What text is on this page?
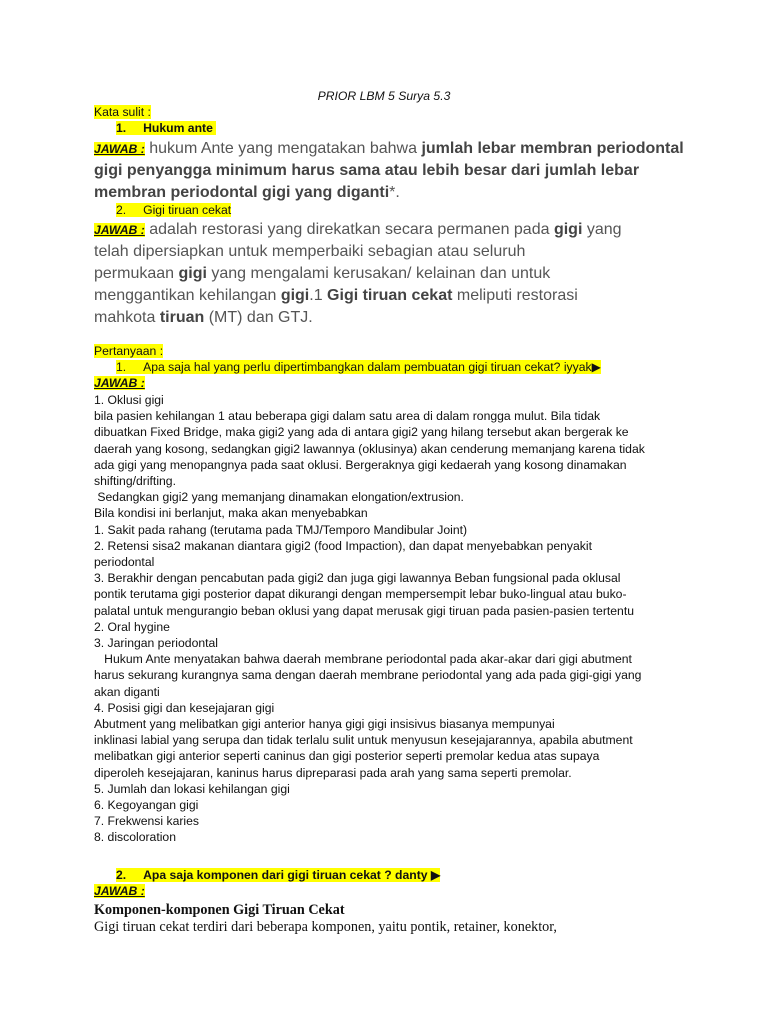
PRIOR LBM 5 Surya 5.3
Kata sulit :
1. Hukum ante
JAWAB : hukum Ante yang mengatakan bahwa jumlah lebar membran periodontal gigi penyangga minimum harus sama atau lebih besar dari jumlah lebar membran periodontal gigi yang diganti*.
2. Gigi tiruan cekat
JAWAB : adalah restorasi yang direkatkan secara permanen pada gigi yang
telah dipersiapkan untuk memperbaiki sebagian atau seluruh
permukaan gigi yang mengalami kerusakan/ kelainan dan untuk
menggantikan kehilangan gigi.1 Gigi tiruan cekat meliputi restorasi
mahkota tiruan (MT) dan GTJ.
Pertanyaan :
1. Apa saja hal yang perlu dipertimbangkan dalam pembuatan gigi tiruan cekat? iyyak▶
JAWAB :
1. Oklusi gigi
bila pasien kehilangan 1 atau beberapa gigi dalam satu area di dalam rongga mulut. Bila tidak
dibuatkan Fixed Bridge, maka gigi2 yang ada di antara gigi2 yang hilang tersebut akan bergerak ke
daerah yang kosong, sedangkan gigi2 lawannya (oklusinya) akan cenderung memanjang karena tidak
ada gigi yang menopangnya pada saat oklusi. Bergeraknya gigi kedaerah yang kosong dinamakan
shifting/drifting.
Sedangkan gigi2 yang memanjang dinamakan elongation/extrusion.
Bila kondisi ini berlanjut, maka akan menyebabkan
1. Sakit pada rahang (terutama pada TMJ/Temporo Mandibular Joint)
2. Retensi sisa2 makanan diantara gigi2 (food Impaction), dan dapat menyebabkan penyakit
periodontal
3. Berakhir dengan pencabutan pada gigi2 dan juga gigi lawannya Beban fungsional pada oklusal
pontik terutama gigi posterior dapat dikurangi dengan mempersempit lebar buko-lingual atau buko-
palatal untuk mengurangio beban oklusi yang dapat merusak gigi tiruan pada pasien-pasien tertentu
2. Oral hygine
3. Jaringan periodontal
Hukum Ante menyatakan bahwa daerah membrane periodontal pada akar-akar dari gigi abutment
harus sekurang kurangnya sama dengan daerah membrane periodontal yang ada pada gigi-gigi yang
akan diganti
4. Posisi gigi dan kesejajaran gigi
Abutment yang melibatkan gigi anterior hanya gigi gigi insisivus biasanya mempunyai
inklinasi labial yang serupa dan tidak terlalu sulit untuk menyusun kesejajarannya, apabila abutment
melibatkan gigi anterior seperti caninus dan gigi posterior seperti premolar kedua atas supaya
diperoleh kesejajaran, kaninus harus dipreparasi pada arah yang sama seperti premolar.
5. Jumlah dan lokasi kehilangan gigi
6. Kegoyangan gigi
7. Frekwensi karies
8. discoloration
2. Apa saja komponen dari gigi tiruan cekat ? danty ▶
JAWAB :
Komponen-komponen Gigi Tiruan Cekat
Gigi tiruan cekat terdiri dari beberapa komponen, yaitu pontik, retainer, konektor,
